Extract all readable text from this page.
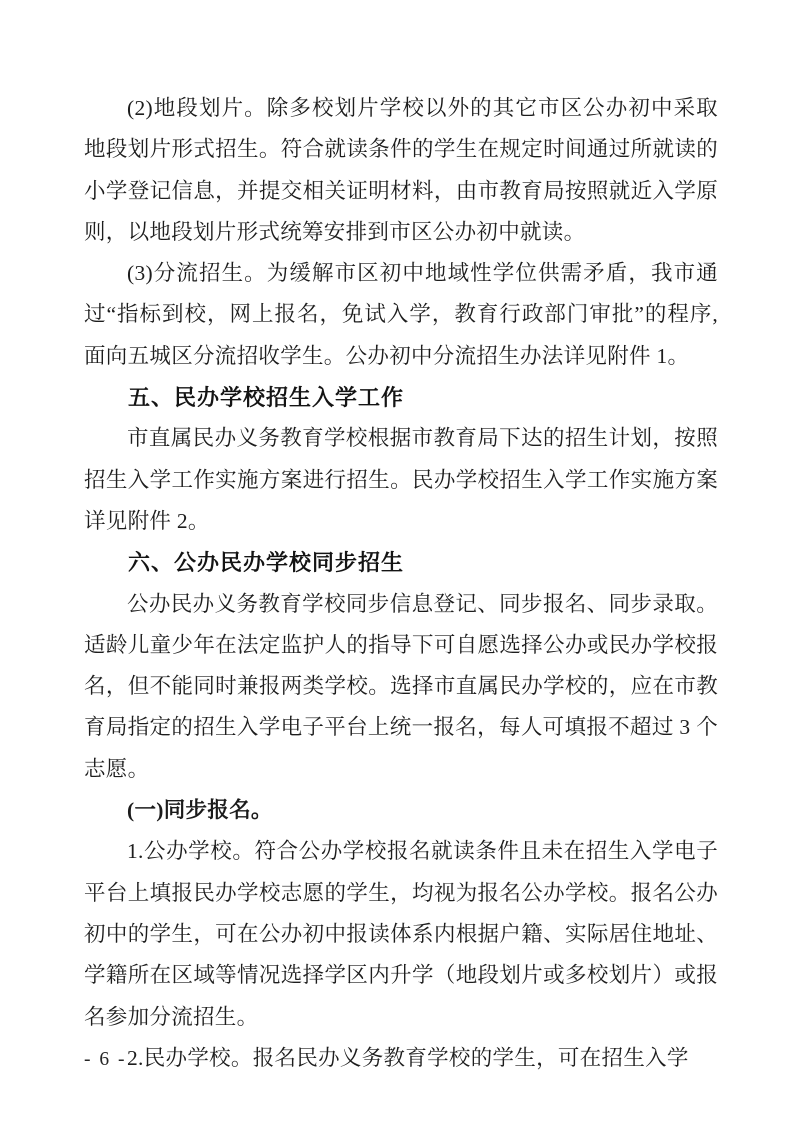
(2)地段划片。除多校划片学校以外的其它市区公办初中采取地段划片形式招生。符合就读条件的学生在规定时间通过所就读的小学登记信息，并提交相关证明材料，由市教育局按照就近入学原则，以地段划片形式统筹安排到市区公办初中就读。

(3)分流招生。为缓解市区初中地域性学位供需矛盾，我市通过“指标到校，网上报名，免试入学，教育行政部门审批”的程序,面向五城区分流招收学生。公办初中分流招生办法详见附件 1。

五、民办学校招生入学工作

市直属民办义务教育学校根据市教育局下达的招生计划，按照招生入学工作实施方案进行招生。民办学校招生入学工作实施方案详见附件 2。

六、公办民办学校同步招生

公办民办义务教育学校同步信息登记、同步报名、同步录取。适龄儿童少年在法定监护人的指导下可自愿选择公办或民办学校报名，但不能同时兼报两类学校。选择市直属民办学校的，应在市教育局指定的招生入学电子平台上统一报名，每人可填报不超过 3 个志愿。

(一)同步报名。

1.公办学校。符合公办学校报名就读条件且未在招生入学电子平台上填报民办学校志愿的学生，均视为报名公办学校。报名公办初中的学生，可在公办初中报读体系内根据户籍、实际居住地址、学籍所在区域等情况选择学区内升学（地段划片或多校划片）或报名参加分流招生。

2.民办学校。报名民办义务教育学校的学生，可在招生入学

- 6 -
